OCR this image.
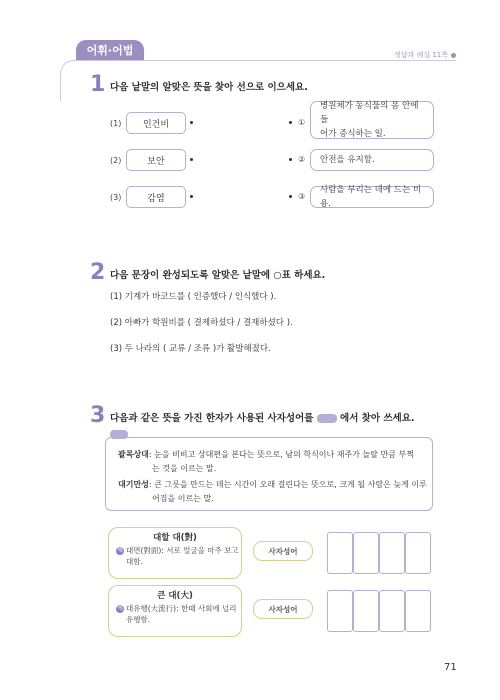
어휘·어법	정답과 해설 11쪽
1 다음 낱말의 알맞은 뜻을 찾아 선으로 이으세요.
(1) 인건비	①
병원체가 동식물의 몸 안에 들
어가 증식하는 일.
(2)	보안	② 안전을 유지함.
(3)	감염	③
사람을 부리는 데에 드는 비용.
2 다음 문장이 완성되도록 알맞은 낱말에 ○표 하세요.
(1) 기계가 바코드를 ( 인증했다 / 인식했다 ).
(2) 아빠가 학원비를 ( 결제하셨다 / 결재하셨다 ).
(3) 두 나라의 ( 교류 / 조류 )가 활발해졌다.
3 다음과 같은 뜻을 가진 한자가 사용된 사자성어를	에서 찾아 쓰세요.
괄목상대: 눈을 비비고 상대편을 본다는 뜻으로, 남의 학식이나 재주가 놀랄 만큼 부쩍
는 것을 이르는 말.
대기만성: 큰 그릇을 만드는 데는 시간이 오래 걸린다는 뜻으로, 크게 될 사람은 늦게 이루
어짐을 이르는 말.
대할 대(對)
예 대면(對面): 서로 얼굴을 마주 보고
대함.
사자성어
큰 대(大)
예 대유행(大流行): 한때 사회에 널리
유행함.
사자성어
71
